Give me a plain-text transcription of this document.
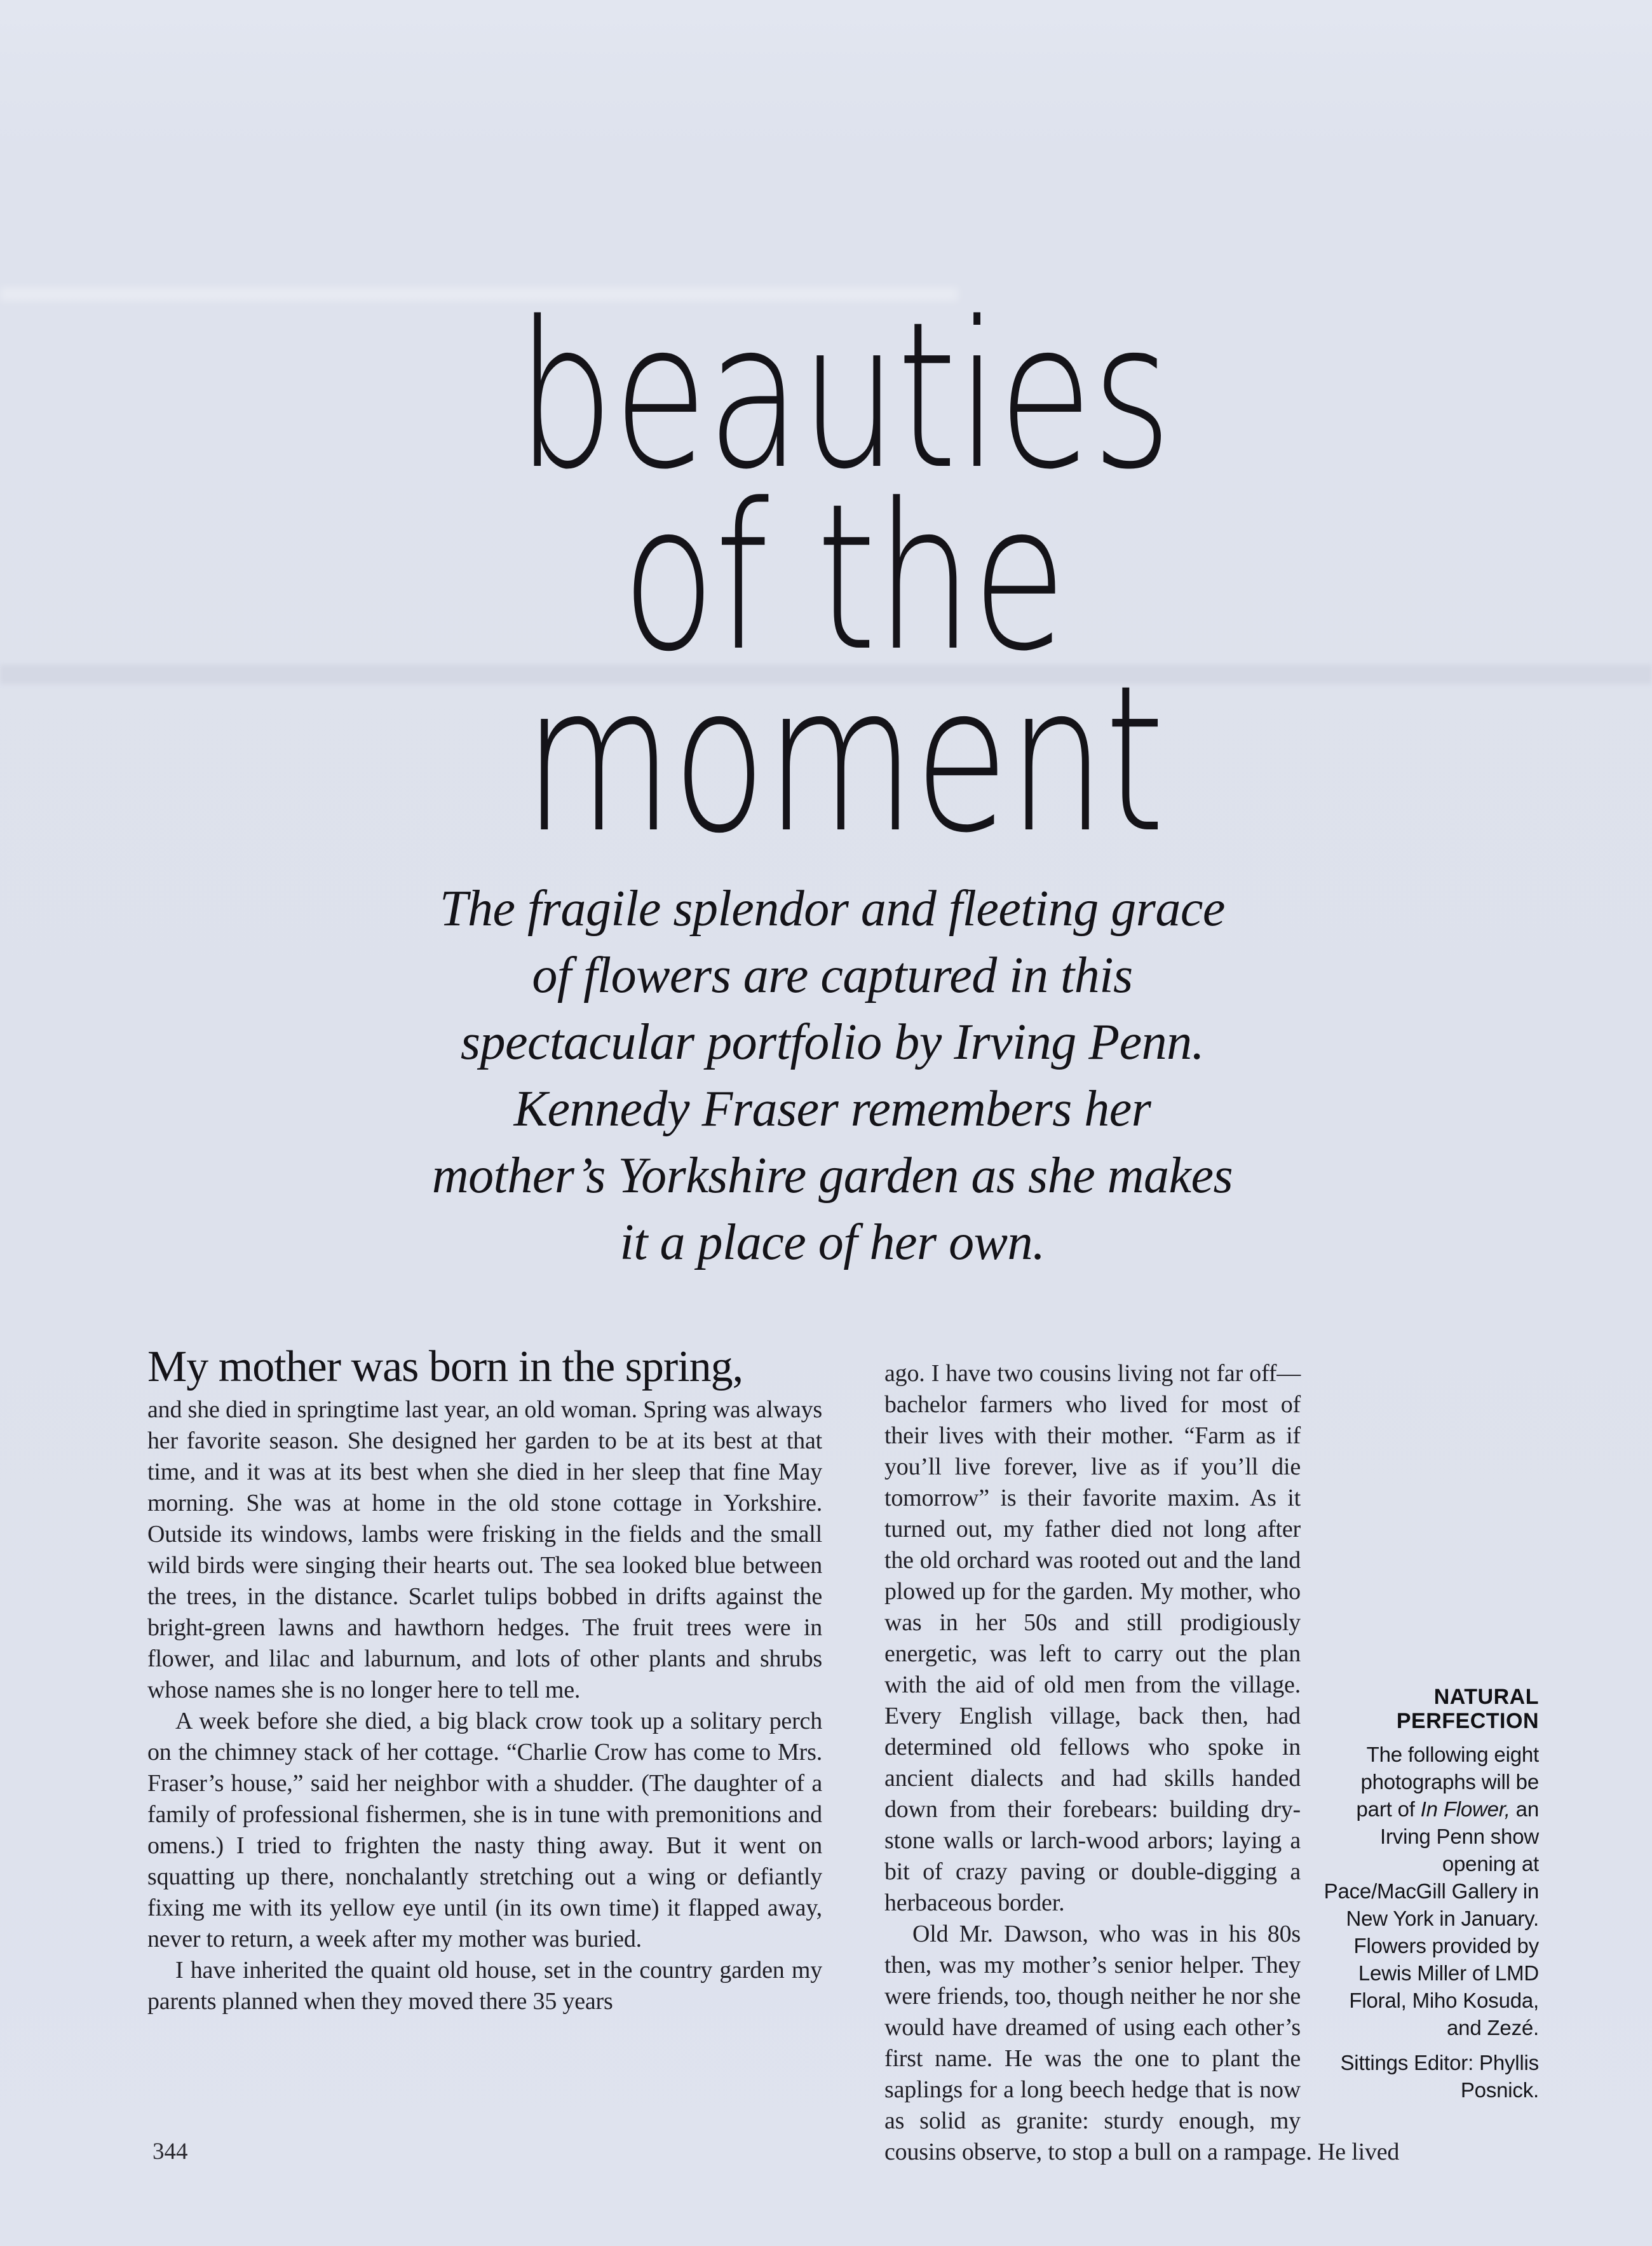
beauties
of the
moment
The fragile splendor and fleeting grace
of flowers are captured in this
spectacular portfolio by Irving Penn.
Kennedy Fraser remembers her
mother’s Yorkshire garden as she makes
it a place of her own.

My mother was born in the spring,
and she died in springtime last year, an old woman. Spring was always her favorite season. She designed her garden to be at its best at that time, and it was at its best when she died in her sleep that fine May morning. She was at home in the old stone cottage in Yorkshire. Outside its windows, lambs were frisking in the fields and the small wild birds were singing their hearts out. The sea looked blue between the trees, in the distance. Scarlet tulips bobbed in drifts against the bright-green lawns and hawthorn hedges. The fruit trees were in flower, and lilac and laburnum, and lots of other plants and shrubs whose names she is no longer here to tell me.

A week before she died, a big black crow took up a solitary perch on the chimney stack of her cottage. “Charlie Crow has come to Mrs. Fraser’s house,” said her neighbor with a shudder. (The daughter of a family of professional fishermen, she is in tune with premonitions and omens.) I tried to frighten the nasty thing away. But it went on squatting up there, nonchalantly stretching out a wing or defiantly fixing me with its yellow eye until (in its own time) it flapped away, never to return, a week after my mother was buried.

I have inherited the quaint old house, set in the country garden my parents planned when they moved there 35 years

NATURAL PERFECTION

The following eight photographs will be part of In Flower, an Irving Penn show opening at Pace/MacGill Gallery in New York in January. Flowers provided by Lewis Miller of LMD Floral, Miho Kosuda, and Zezé.

Sittings Editor: Phyllis Posnick.

ago. I have two cousins living not far off—bachelor farmers who lived for most of their lives with their mother. “Farm as if you’ll live forever, live as if you’ll die tomorrow” is their favorite maxim. As it turned out, my father died not long after the old orchard was rooted out and the land plowed up for the garden. My mother, who was in her 50s and still prodigiously energetic, was left to carry out the plan with the aid of old men from the village. Every English village, back then, had determined old fellows who spoke in ancient dialects and had skills handed down from their forebears: building dry-stone walls or larch-wood arbors; laying a bit of crazy paving or double-digging a herbaceous border.

Old Mr. Dawson, who was in his 80s then, was my mother’s senior helper. They were friends, too, though neither he nor she would have dreamed of using each other’s first name. He was the one to plant the saplings for a long beech hedge that is now as solid as granite: sturdy enough, my cousins observe, to stop a bull on a rampage. He lived

344
